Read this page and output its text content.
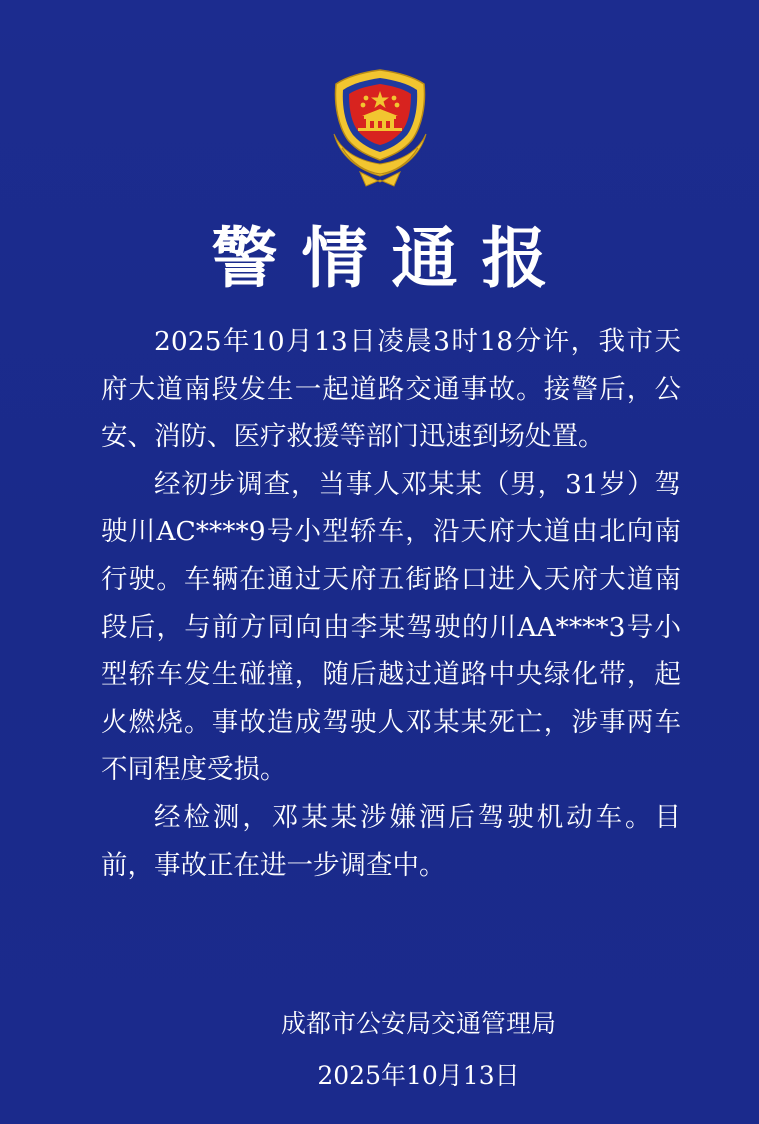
警情通报

2025年10月13日凌晨3时18分许，我市天府大道南段发生一起道路交通事故。接警后，公安、消防、医疗救援等部门迅速到场处置。

经初步调查，当事人邓某某（男，31岁）驾驶川AC****9号小型轿车，沿天府大道由北向南行驶。车辆在通过天府五街路口进入天府大道南段后，与前方同向由李某驾驶的川AA****3号小型轿车发生碰撞，随后越过道路中央绿化带，起火燃烧。事故造成驾驶人邓某某死亡，涉事两车不同程度受损。

经检测，邓某某涉嫌酒后驾驶机动车。目前，事故正在进一步调查中。

成都市公安局交通管理局
2025年10月13日
